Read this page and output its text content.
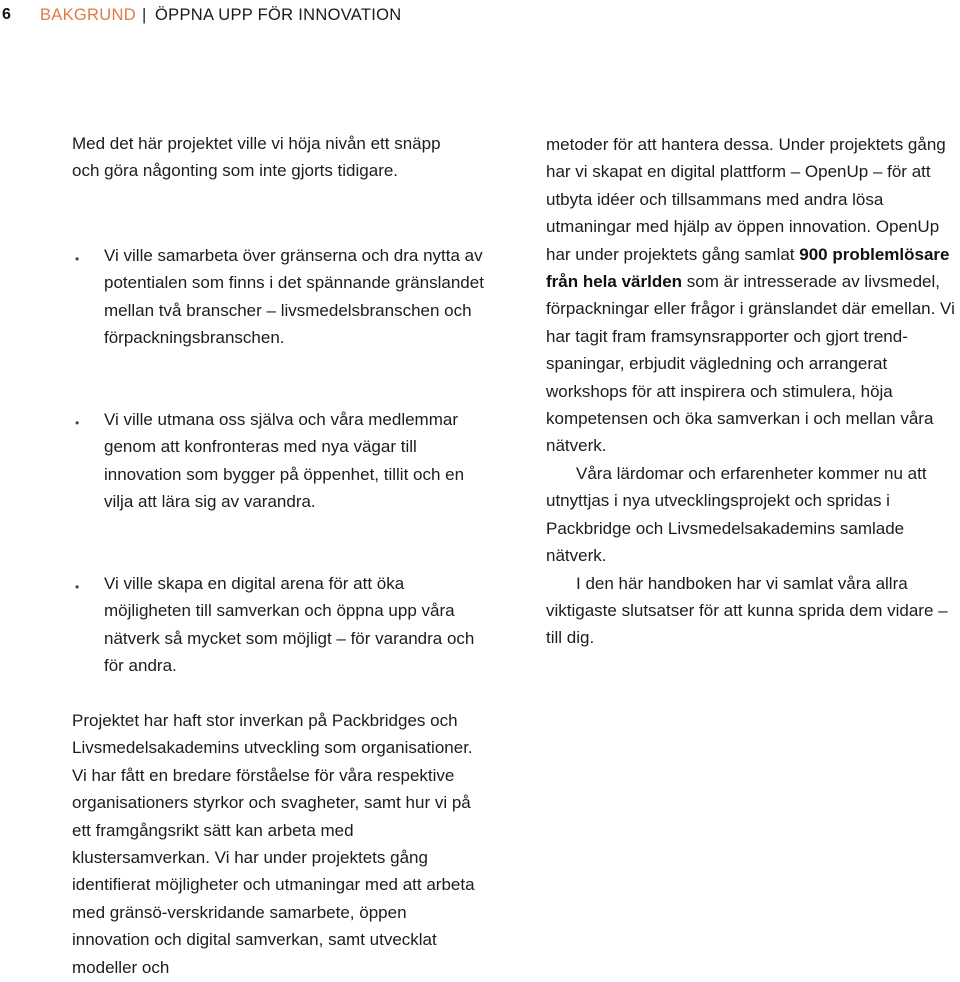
6 BAKGRUND | ÖPPNA UPP FÖR INNOVATION

Med det här projektet ville vi höja nivån ett snäpp och göra någonting som inte gjorts tidigare.

• Vi ville samarbeta över gränserna och dra nytta av potentialen som finns i det spännande gränslandet mellan två branscher – livsmedelsbranschen och förpackningsbranschen.

• Vi ville utmana oss själva och våra medlemmar genom att konfronteras med nya vägar till innovation som bygger på öppenhet, tillit och en vilja att lära sig av varandra.

• Vi ville skapa en digital arena för att öka möjligheten till samverkan och öppna upp våra nätverk så mycket som möjligt – för varandra och för andra.

Projektet har haft stor inverkan på Packbridges och Livsmedelsakademins utveckling som organisationer. Vi har fått en bredare förståelse för våra respektive organisationers styrkor och svagheter, samt hur vi på ett framgångsrikt sätt kan arbeta med klustersamverkan. Vi har under projektets gång identifierat möjligheter och utmaningar med att arbeta med gränsö-verskridande samarbete, öppen innovation och digital samverkan, samt utvecklat modeller och

metoder för att hantera dessa. Under projektets gång har vi skapat en digital plattform – OpenUp – för att utbyta idéer och tillsammans med andra lösa utmaningar med hjälp av öppen innovation. OpenUp har under projektets gång samlat 900 problemlösare från hela världen som är intresserade av livsmedel, förpackningar eller frågor i gränslandet där emellan. Vi har tagit fram framsynsrapporter och gjort trend-spaningar, erbjudit vägledning och arrangerat workshops för att inspirera och stimulera, höja kompetensen och öka samverkan i och mellan våra nätverk.

Våra lärdomar och erfarenheter kommer nu att utnyttjas i nya utvecklingsprojekt och spridas i Packbridge och Livsmedelsakademins samlade nätverk.

I den här handboken har vi samlat våra allra viktigaste slutsatser för att kunna sprida dem vidare – till dig.
